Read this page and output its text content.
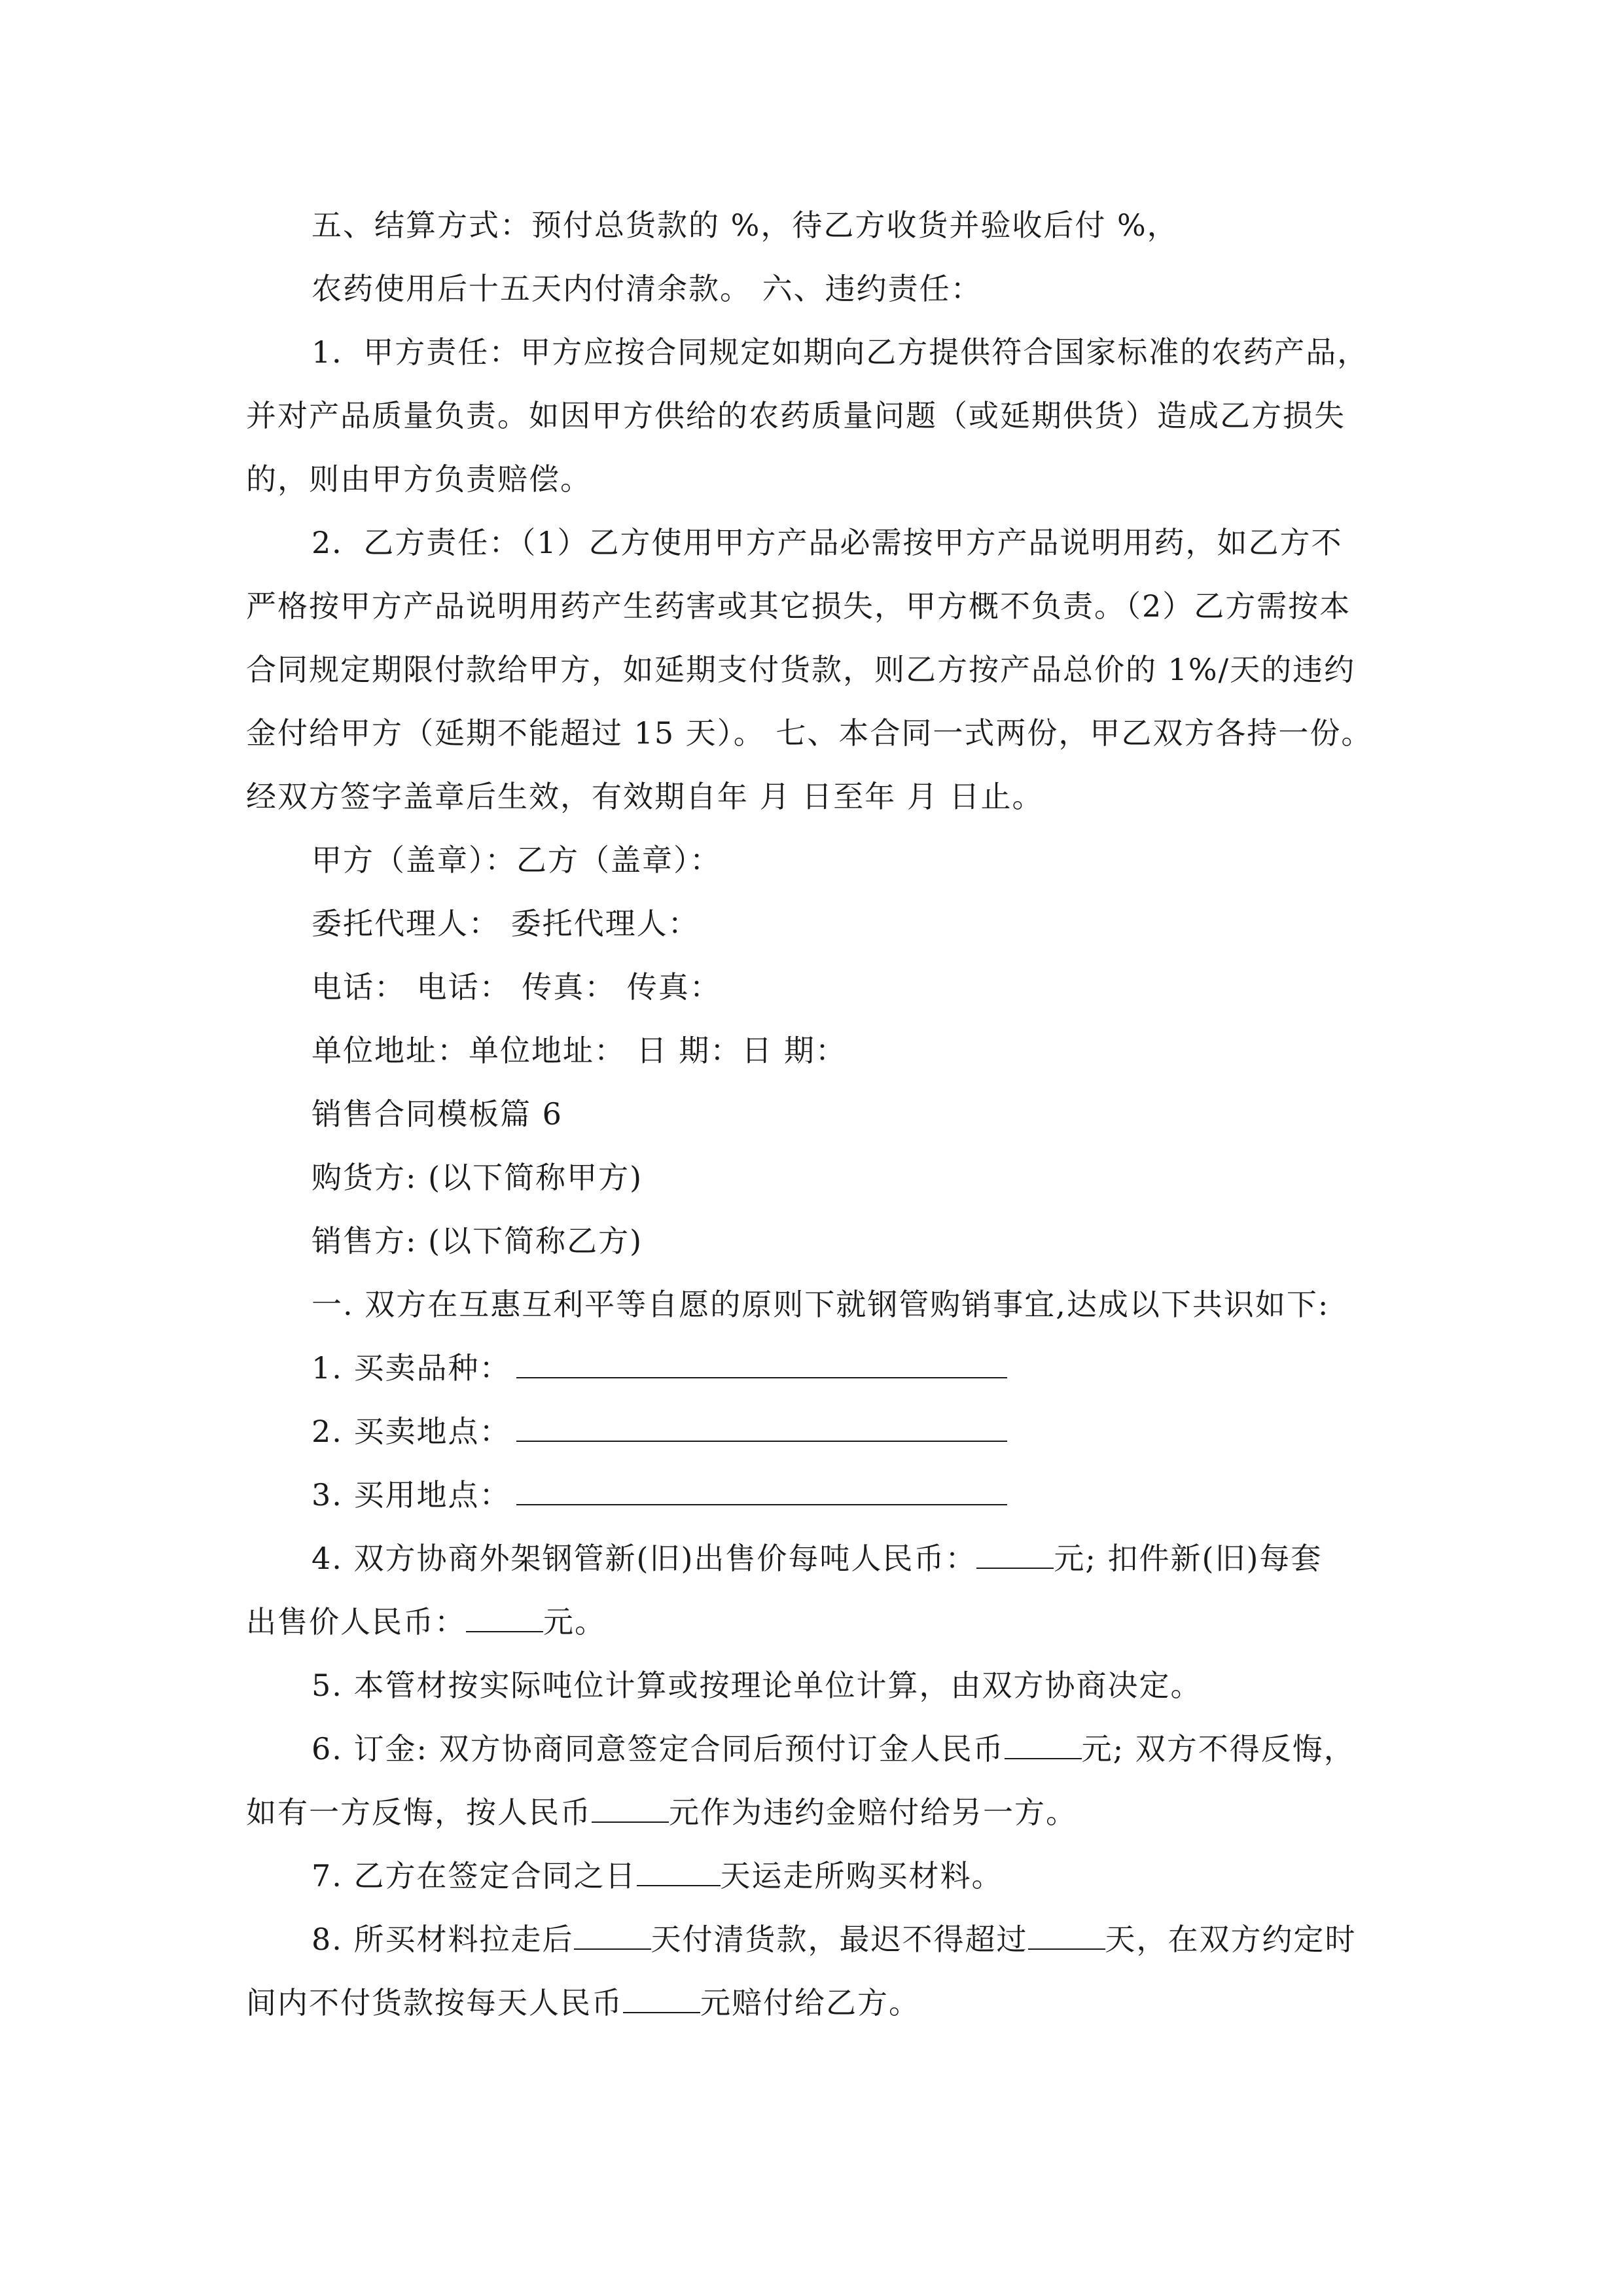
五、结算方式：预付总货款的 %，待乙方收货并验收后付 %，

农药使用后十五天内付清余款。 六、违约责任：

1．甲方责任：甲方应按合同规定如期向乙方提供符合国家标准的农药产品，

并对产品质量负责。如因甲方供给的农药质量问题（或延期供货）造成乙方损失

的，则由甲方负责赔偿。

2．乙方责任：（1）乙方使用甲方产品必需按甲方产品说明用药，如乙方不

严格按甲方产品说明用药产生药害或其它损失，甲方概不负责。（2）乙方需按本

合同规定期限付款给甲方，如延期支付货款，则乙方按产品总价的 1%/天的违约

金付给甲方（延期不能超过 15 天）。 七、本合同一式两份，甲乙双方各持一份。

经双方签字盖章后生效，有效期自年 月 日至年 月 日止。

甲方（盖章）：乙方（盖章）：

委托代理人： 委托代理人：

电话： 电话： 传真： 传真：

单位地址：单位地址： 日 期：日 期：

销售合同模板篇 6

购货方: (以下简称甲方)

销售方: (以下简称乙方)

一. 双方在互惠互利平等自愿的原则下就钢管购销事宜,达成以下共识如下:

1. 买卖品种：

2. 买卖地点：

3. 买用地点：

4. 双方协商外架钢管新(旧)出售价每吨人民币：	元; 扣件新(旧)每套

出售价人民币：	元。

5. 本管材按实际吨位计算或按理论单位计算，由双方协商决定。

6. 订金: 双方协商同意签定合同后预付订金人民币	元; 双方不得反悔，

如有一方反悔，按人民币	元作为违约金赔付给另一方。

7. 乙方在签定合同之日	天运走所购买材料。

8. 所买材料拉走后	天付清货款，最迟不得超过	天，在双方约定时

间内不付货款按每天人民币	元赔付给乙方。
